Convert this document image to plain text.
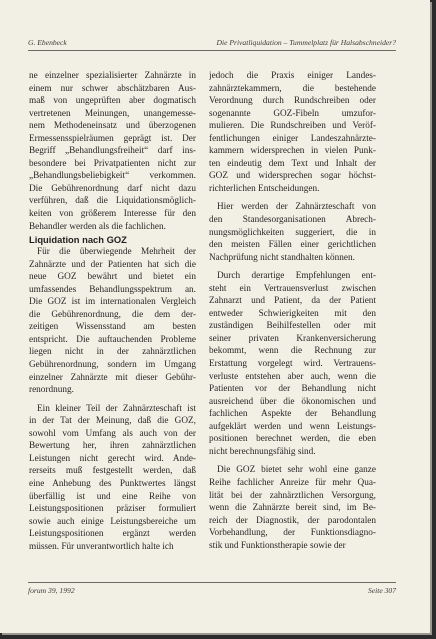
G. Ebenbeck	Die Privatliquidation – Tummelplatz für Halsabschneider?
ne einzelner spezialisierter Zahnärzte in
einem nur schwer abschätzbaren Aus-
maß von ungeprüften aber dogmatisch
vertretenen Meinungen, unangemesse-
nem Methodeneinsatz und überzogenen
Ermessensspielräumen geprägt ist. Der
Begriff „Behandlungsfreiheit“ darf ins-
besondere bei Privatpatienten nicht zur
„Behandlungsbeliebigkeit“ verkommen.
Die Gebührenordnung darf nicht dazu
verführen, daß die Liquidationsmöglich-
keiten von größerem Interesse für den
Behandler werden als die fachlichen.
Liquidation nach GOZ
Für die überwiegende Mehrheit der
Zahnärzte und der Patienten hat sich die
neue GOZ bewährt und bietet ein
umfassendes Behandlungsspektrum an.
Die GOZ ist im internationalen Vergleich
die Gebührenordnung, die dem der-
zeitigen Wissensstand am besten
entspricht. Die auftauchenden Probleme
liegen nicht in der zahnärztlichen
Gebührenordnung, sondern im Umgang
einzelner Zahnärzte mit dieser Gebühr-
renordnung.
Ein kleiner Teil der Zahnärzteschaft ist
in der Tat der Meinung, daß die GOZ,
sowohl vom Umfang als auch von der
Bewertung her, ihren zahnärztlichen
Leistungen nicht gerecht wird. Ande-
rerseits muß festgestellt werden, daß
eine Anhebung des Punktwertes längst
überfällig ist und eine Reihe von
Leistungspositionen präziser formuliert
sowie auch einige Leistungsbereiche um
Leistungspositionen ergänzt werden
müssen. Für unverantwortlich halte ich
jedoch die Praxis einiger Landes-
zahnärztekammern, die bestehende
Verordnung durch Rundschreiben oder
sogenannte GOZ-Fibeln umzufor-
mulieren. Die Rundschreiben und Veröf-
fentlichungen einiger Landeszahnärzte-
kammern widersprechen in vielen Punk-
ten eindeutig dem Text und Inhalt der
GOZ und widersprechen sogar höchst-
richterlichen Entscheidungen.
Hier werden der Zahnärzteschaft von
den Standesorganisationen Abrech-
nungsmöglichkeiten suggeriert, die in
den meisten Fällen einer gerichtlichen
Nachprüfung nicht standhalten können.
Durch derartige Empfehlungen ent-
steht ein Vertrauensverlust zwischen
Zahnarzt und Patient, da der Patient
entweder Schwierigkeiten mit den
zuständigen Beihilfestellen oder mit
seiner privaten Krankenversicherung
bekommt, wenn die Rechnung zur
Erstattung vorgelegt wird. Vertrauens-
verluste entstehen aber auch, wenn die
Patienten vor der Behandlung nicht
ausreichend über die ökonomischen und
fachlichen Aspekte der Behandlung
aufgeklärt werden und wenn Leistungs-
positionen berechnet werden, die eben
nicht berechnungsfähig sind.
Die GOZ bietet sehr wohl eine ganze
Reihe fachlicher Anreize für mehr Qua-
lität bei der zahnärztlichen Versorgung,
wenn die Zahnärzte bereit sind, im Be-
reich der Diagnostik, der parodontalen
Vorbehandlung, der Funktionsdiagno-
stik und Funktionstherapie sowie der
forum 39, 1992	Seite 307
